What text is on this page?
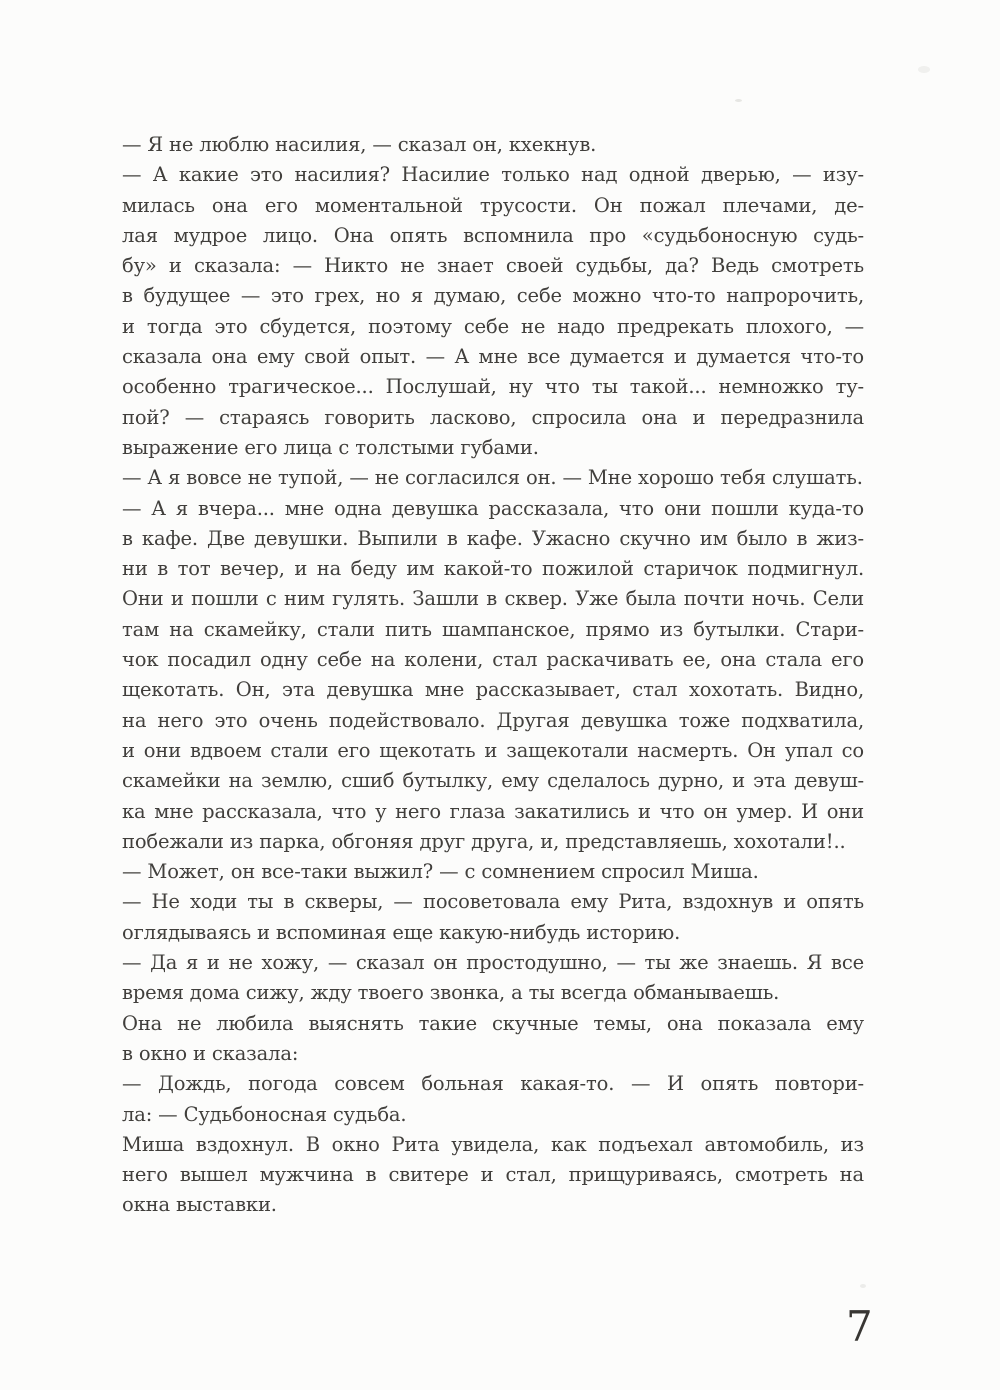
— Я не люблю насилия, — сказал он, кхекнув.
— А какие это насилия? Насилие только над одной дверью, — изу-
милась она его моментальной трусости. Он пожал плечами, де-
лая мудрое лицо. Она опять вспомнила про «судьбоносную судь-
бу» и сказала: — Никто не знает своей судьбы, да? Ведь смотреть
в будущее — это грех, но я думаю, себе можно что-то напророчить,
и тогда это сбудется, поэтому себе не надо предрекать плохого, —
сказала она ему свой опыт. — А мне все думается и думается что-то
особенно трагическое... Послушай, ну что ты такой... немножко ту-
пой? — стараясь говорить ласково, спросила она и передразнила
выражение его лица с толстыми губами.
— А я вовсе не тупой, — не согласился он. — Мне хорошо тебя слушать.
— А я вчера... мне одна девушка рассказала, что они пошли куда-то
в кафе. Две девушки. Выпили в кафе. Ужасно скучно им было в жиз-
ни в тот вечер, и на беду им какой-то пожилой старичок подмигнул.
Они и пошли с ним гулять. Зашли в сквер. Уже была почти ночь. Сели
там на скамейку, стали пить шампанское, прямо из бутылки. Стари-
чок посадил одну себе на колени, стал раскачивать ее, она стала его
щекотать. Он, эта девушка мне рассказывает, стал хохотать. Видно,
на него это очень подействовало. Другая девушка тоже подхватила,
и они вдвоем стали его щекотать и защекотали насмерть. Он упал со
скамейки на землю, сшиб бутылку, ему сделалось дурно, и эта девуш-
ка мне рассказала, что у него глаза закатились и что он умер. И они
побежали из парка, обгоняя друг друга, и, представляешь, хохотали!..
— Может, он все-таки выжил? — с сомнением спросил Миша.
— Не ходи ты в скверы, — посоветовала ему Рита, вздохнув и опять
оглядываясь и вспоминая еще какую-нибудь историю.
— Да я и не хожу, — сказал он простодушно, — ты же знаешь. Я все
время дома сижу, жду твоего звонка, а ты всегда обманываешь.
Она не любила выяснять такие скучные темы, она показала ему
в окно и сказала:
— Дождь, погода совсем больная какая-то. — И опять повтори-
ла: — Судьбоносная судьба.
Миша вздохнул. В окно Рита увидела, как подъехал автомобиль, из
него вышел мужчина в свитере и стал, прищуриваясь, смотреть на
окна выставки.
7
